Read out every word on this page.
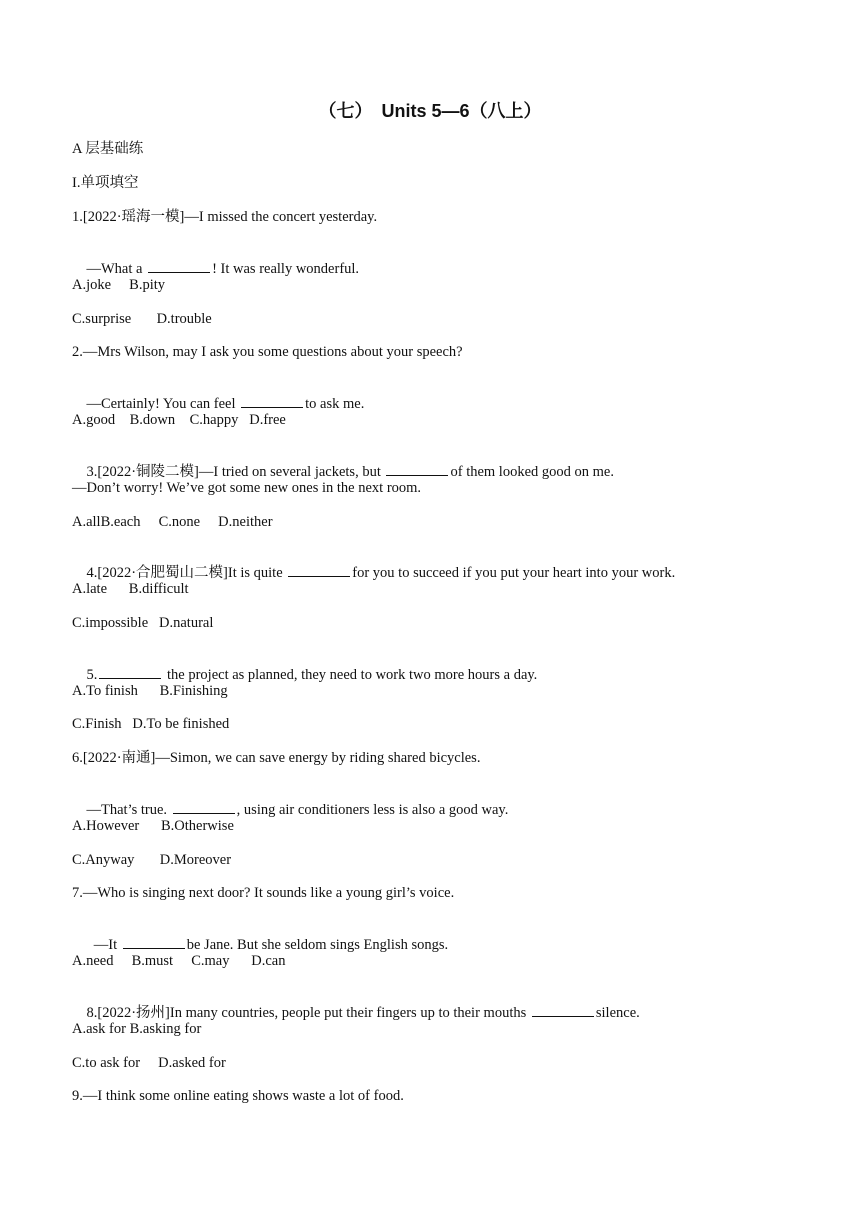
（七）　Units 5—6（八上）
A 层基础练
I.单项填空
1.[2022·瑶海一模]—I missed the concert yesterday.

—What a	! It was really wonderful.

A.joke     B.pity
C.surprise       D.trouble
2.—Mrs Wilson, may I ask you some questions about your speech?

—Certainly! You can feel	to ask me.

A.good    B.down    C.happy   D.free

3.[2022·铜陵二模]—I tried on several jackets, but	of them looked good on me.

—Don’t worry! We’ve got some new ones in the next room.
A.allB.each     C.none     D.neither

4.[2022·合肥蜀山二模]It is quite	for you to succeed if you put your heart into your work.

A.late      B.difficult
C.impossible   D.natural

5.	the project as planned, they need to work two more hours a day.

A.To finish      B.Finishing
C.Finish   D.To be finished
6.[2022·南通]—Simon, we can save energy by riding shared bicycles.

—That’s true.	, using air conditioners less is also a good way.

A.However      B.Otherwise
C.Anyway       D.Moreover
7.—Who is singing next door? It sounds like a young girl’s voice.

—It	be Jane. But she seldom sings English songs.

A.need     B.must     C.may      D.can

8.[2022·扬州]In many countries, people put their fingers up to their mouths	silence.

A.ask for B.asking for
C.to ask for     D.asked for
9.—I think some online eating shows waste a lot of food.
